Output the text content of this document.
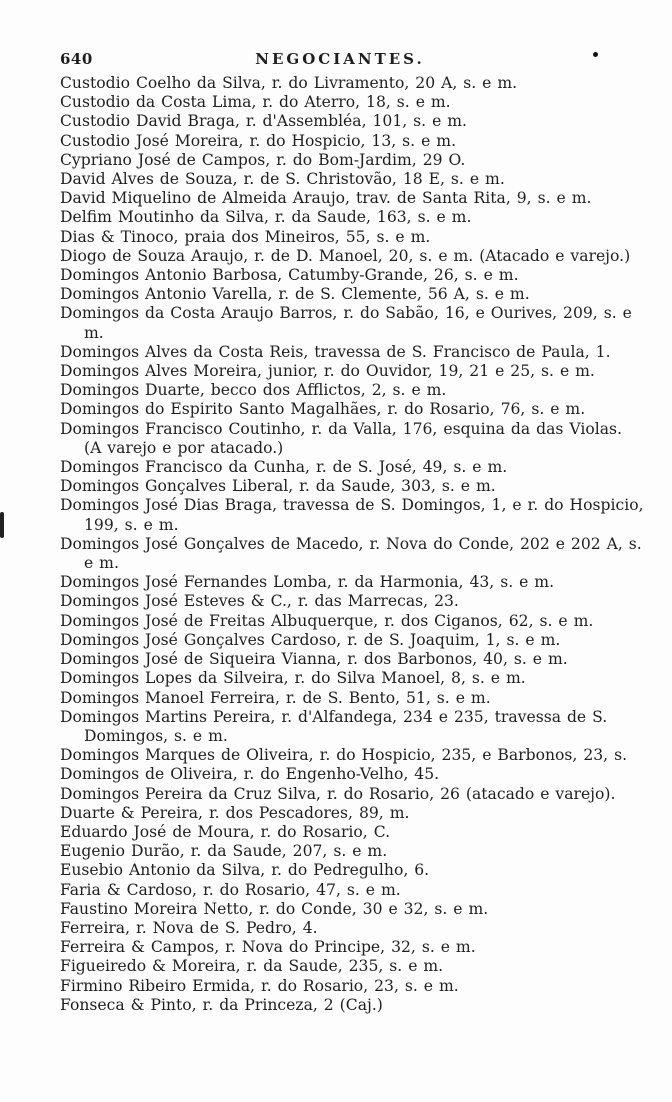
640	NEGOCIANTES.
Custodio Coelho da Silva, r. do Livramento, 20 A, s. e m.
Custodio da Costa Lima, r. do Aterro, 18, s. e m.
Custodio David Braga, r. d'Assembléa, 101, s. e m.
Custodio José Moreira, r. do Hospicio, 13, s. e m.
Cypriano José de Campos, r. do Bom-Jardim, 29 O.
David Alves de Souza, r. de S. Christovão, 18 E, s. e m.
David Miquelino de Almeida Araujo, trav. de Santa Rita, 9, s. e m.
Delfim Moutinho da Silva, r. da Saude, 163, s. e m.
Dias & Tinoco, praia dos Mineiros, 55, s. e m.
Diogo de Souza Araujo, r. de D. Manoel, 20, s. e m. (Atacado e varejo.)
Domingos Antonio Barbosa, Catumby-Grande, 26, s. e m.
Domingos Antonio Varella, r. de S. Clemente, 56 A, s. e m.
Domingos da Costa Araujo Barros, r. do Sabão, 16, e Ourives, 209, s. e m.
Domingos Alves da Costa Reis, travessa de S. Francisco de Paula, 1.
Domingos Alves Moreira, junior, r. do Ouvidor, 19, 21 e 25, s. e m.
Domingos Duarte, becco dos Afflictos, 2, s. e m.
Domingos do Espirito Santo Magalhães, r. do Rosario, 76, s. e m.
Domingos Francisco Coutinho, r. da Valla, 176, esquina da das Violas. (A varejo e por atacado.)
Domingos Francisco da Cunha, r. de S. José, 49, s. e m.
Domingos Gonçalves Liberal, r. da Saude, 303, s. e m.
Domingos José Dias Braga, travessa de S. Domingos, 1, e r. do Hospicio, 199, s. e m.
Domingos José Gonçalves de Macedo, r. Nova do Conde, 202 e 202 A, s. e m.
Domingos José Fernandes Lomba, r. da Harmonia, 43, s. e m.
Domingos José Esteves & C., r. das Marrecas, 23.
Domingos José de Freitas Albuquerque, r. dos Ciganos, 62, s. e m.
Domingos José Gonçalves Cardoso, r. de S. Joaquim, 1, s. e m.
Domingos José de Siqueira Vianna, r. dos Barbonos, 40, s. e m.
Domingos Lopes da Silveira, r. do Silva Manoel, 8, s. e m.
Domingos Manoel Ferreira, r. de S. Bento, 51, s. e m.
Domingos Martins Pereira, r. d'Alfandega, 234 e 235, travessa de S. Domingos, s. e m.
Domingos Marques de Oliveira, r. do Hospicio, 235, e Barbonos, 23, s.
Domingos de Oliveira, r. do Engenho-Velho, 45.
Domingos Pereira da Cruz Silva, r. do Rosario, 26 (atacado e varejo).
Duarte & Pereira, r. dos Pescadores, 89, m.
Eduardo José de Moura, r. do Rosario, C.
Eugenio Durão, r. da Saude, 207, s. e m.
Eusebio Antonio da Silva, r. do Pedregulho, 6.
Faria & Cardoso, r. do Rosario, 47, s. e m.
Faustino Moreira Netto, r. do Conde, 30 e 32, s. e m.
Ferreira, r. Nova de S. Pedro, 4.
Ferreira & Campos, r. Nova do Principe, 32, s. e m.
Figueiredo & Moreira, r. da Saude, 235, s. e m.
Firmino Ribeiro Ermida, r. do Rosario, 23, s. e m.
Fonseca & Pinto, r. da Princeza, 2 (Caj.)
